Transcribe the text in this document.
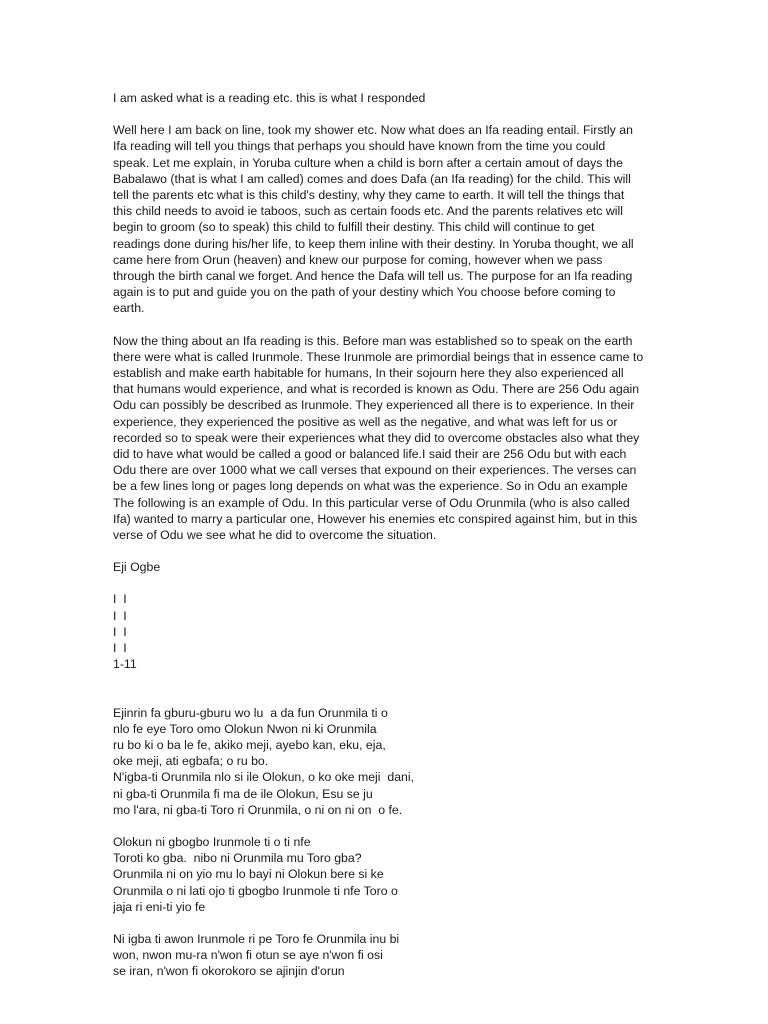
I am asked what is a reading etc. this is what I responded

Well here I am back on line, took my shower etc. Now what does an Ifa reading entail. Firstly an
Ifa reading will tell you things that perhaps you should have known from the time you could
speak. Let me explain, in Yoruba culture when a child is born after a certain amout of days the
Babalawo (that is what I am called) comes and does Dafa (an Ifa reading) for the child. This will
tell the parents etc what is this child's destiny, why they came to earth. It will tell the things that
this child needs to avoid ie taboos, such as certain foods etc. And the parents relatives etc will
begin to groom (so to speak) this child to fulfill their destiny. This child will continue to get
readings done during his/her life, to keep them inline with their destiny. In Yoruba thought, we all
came here from Orun (heaven) and knew our purpose for coming, however when we pass
through the birth canal we forget. And hence the Dafa will tell us. The purpose for an Ifa reading
again is to put and guide you on the path of your destiny which You choose before coming to
earth.

Now the thing about an Ifa reading is this. Before man was established so to speak on the earth
there were what is called Irunmole. These Irunmole are primordial beings that in essence came to
establish and make earth habitable for humans, In their sojourn here they also experienced all
that humans would experience, and what is recorded is known as Odu. There are 256 Odu again
Odu can possibly be described as Irunmole. They experienced all there is to experience. In their
experience, they experienced the positive as well as the negative, and what was left for us or
recorded so to speak were their experiences what they did to overcome obstacles also what they
did to have what would be called a good or balanced life.I said their are 256 Odu but with each
Odu there are over 1000 what we call verses that expound on their experiences. The verses can
be a few lines long or pages long depends on what was the experience. So in Odu an example
The following is an example of Odu. In this particular verse of Odu Orunmila (who is also called
Ifa) wanted to marry a particular one, However his enemies etc conspired against him, but in this
verse of Odu we see what he did to overcome the situation.

Eji Ogbe

I  I
I  I
I  I
I  I
1-11
Ejinrin fa gburu-gburu wo lu  a da fun Orunmila ti o
nlo fe eye Toro omo Olokun Nwon ni ki Orunmila
ru bo ki o ba le fe, akiko meji, ayebo kan, eku, eja,
oke meji, ati egbafa; o ru bo.
N'igba-ti Orunmila nlo si ile Olokun, o ko oke meji  dani,
ni gba-ti Orunmila fi ma de ile Olokun, Esu se ju
mo l'ara, ni gba-ti Toro ri Orunmila, o ni on ni on  o fe.
Olokun ni gbogbo Irunmole ti o ti nfe
Toroti ko gba.  nibo ni Orunmila mu Toro gba?
Orunmila ni on yio mu lo bayi ni Olokun bere si ke
Orunmila o ni lati ojo ti gbogbo Irunmole ti nfe Toro o
jaja ri eni-ti yio fe
Ni igba ti awon Irunmole ri pe Toro fe Orunmila inu bi
won, nwon mu-ra n'won fi otun se aye n'won fi osi
se iran, n'won fi okorokoro se ajinjin d'orun
